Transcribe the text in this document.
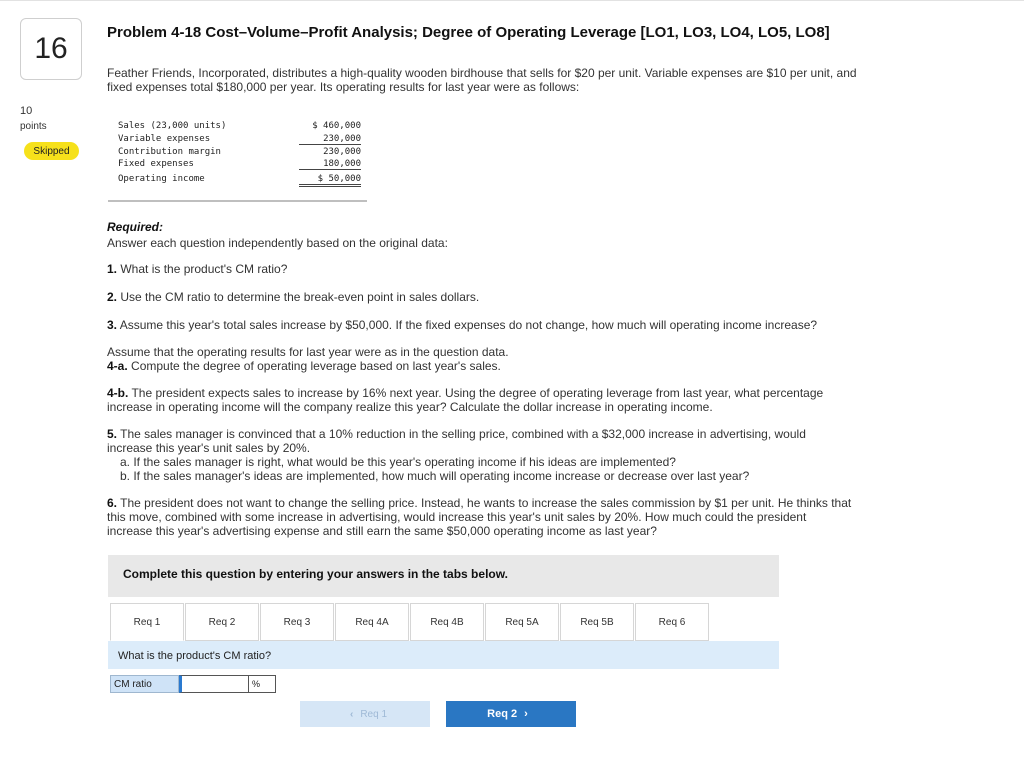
16
10
points
Skipped
Problem 4-18 Cost–Volume–Profit Analysis; Degree of Operating Leverage [LO1, LO3, LO4, LO5, LO8]
Feather Friends, Incorporated, distributes a high-quality wooden birdhouse that sells for $20 per unit. Variable expenses are $10 per unit, and fixed expenses total $180,000 per year. Its operating results for last year were as follows:
Sales (23,000 units)	$ 460,000
Variable expenses	230,000
Contribution margin	230,000
Fixed expenses	180,000
Operating income	$ 50,000
Required:
Answer each question independently based on the original data:
1. What is the product's CM ratio?
2. Use the CM ratio to determine the break-even point in sales dollars.
3. Assume this year's total sales increase by $50,000. If the fixed expenses do not change, how much will operating income increase?
Assume that the operating results for last year were as in the question data.
4-a. Compute the degree of operating leverage based on last year's sales.
4-b. The president expects sales to increase by 16% next year. Using the degree of operating leverage from last year, what percentage increase in operating income will the company realize this year? Calculate the dollar increase in operating income.
5. The sales manager is convinced that a 10% reduction in the selling price, combined with a $32,000 increase in advertising, would increase this year's unit sales by 20%.
a. If the sales manager is right, what would be this year's operating income if his ideas are implemented?
b. If the sales manager's ideas are implemented, how much will operating income increase or decrease over last year?
6. The president does not want to change the selling price. Instead, he wants to increase the sales commission by $1 per unit. He thinks that this move, combined with some increase in advertising, would increase this year's unit sales by 20%. How much could the president increase this year's advertising expense and still earn the same $50,000 operating income as last year?
Complete this question by entering your answers in the tabs below.
Req 1	Req 2	Req 3	Req 4A	Req 4B	Req 5A	Req 5B	Req 6
What is the product's CM ratio?
CM ratio	%
‹ Req 1	Req 2 ›
